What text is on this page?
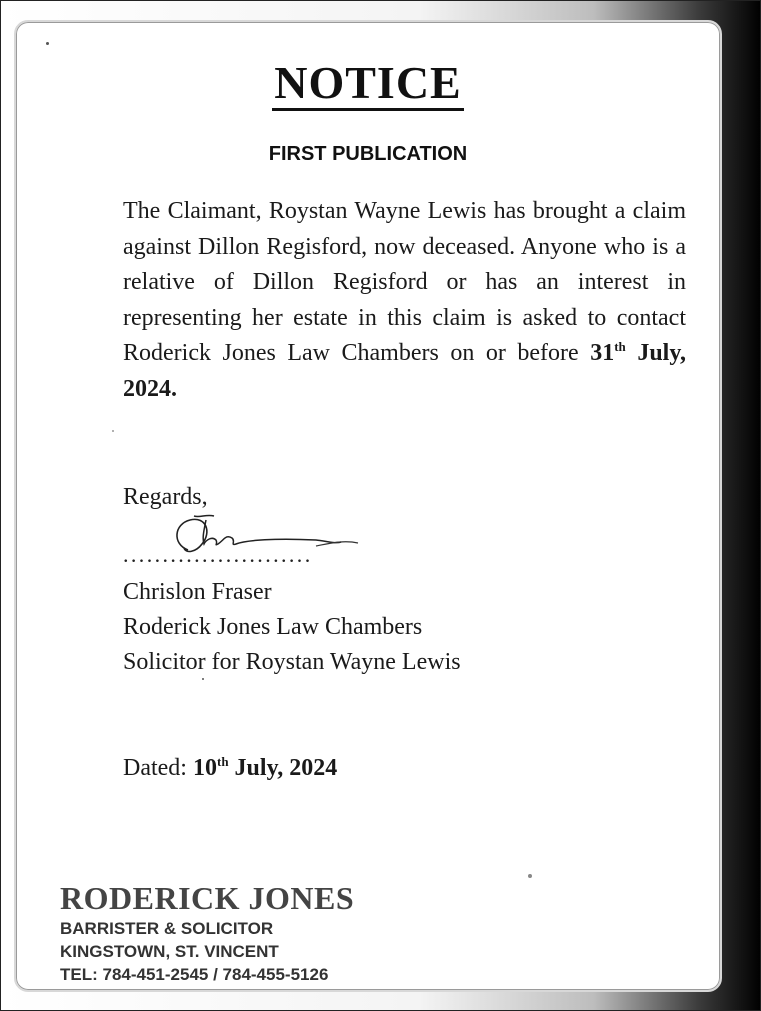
NOTICE
FIRST PUBLICATION
The Claimant, Roystan Wayne Lewis has brought a claim against Dillon Regisford, now deceased. Anyone who is a relative of Dillon Regisford or has an interest in representing her estate in this claim is asked to contact Roderick Jones Law Chambers on or before 31th July, 2024.
Regards,
........................
Chrislon Fraser
Roderick Jones Law Chambers
Solicitor for Roystan Wayne Lewis
Dated: 10th July, 2024
RODERICK JONES
BARRISTER & SOLICITOR
KINGSTOWN, ST. VINCENT
TEL: 784-451-2545 / 784-455-5126
